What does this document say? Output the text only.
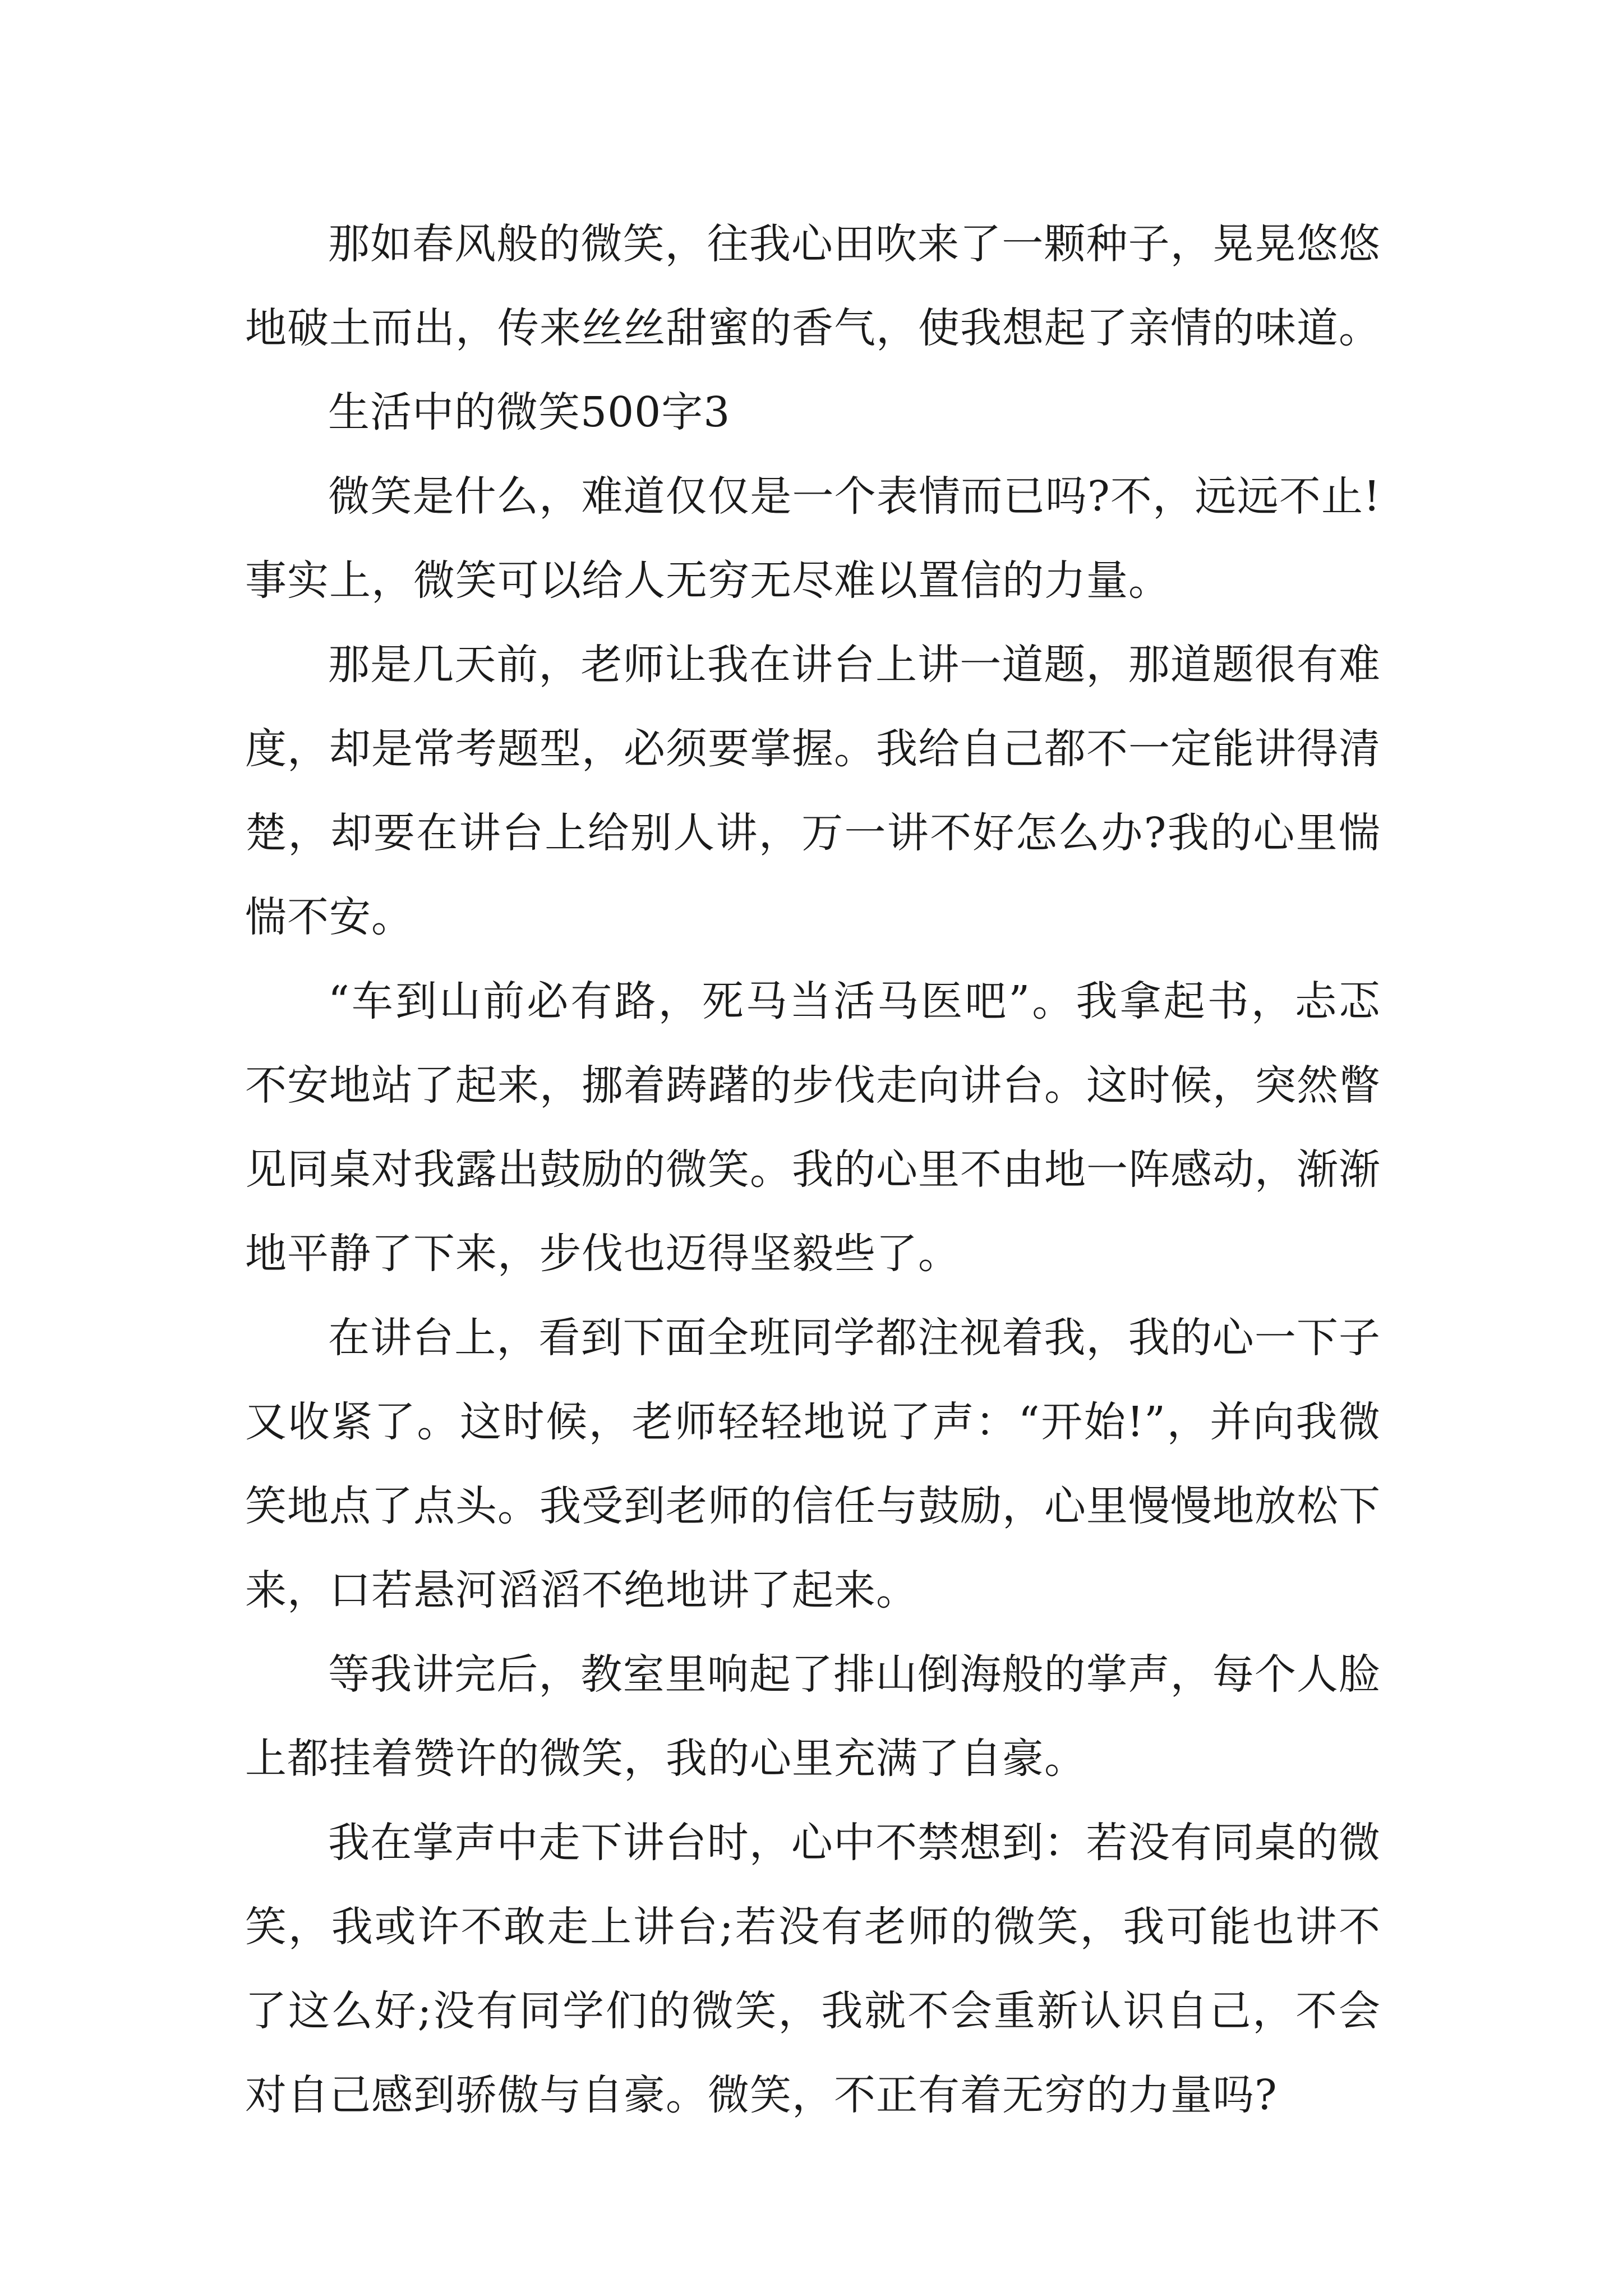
那如春风般的微笑，往我心田吹来了一颗种子，晃晃悠悠地破土而出，传来丝丝甜蜜的香气，使我想起了亲情的味道。

生活中的微笑500字3

微笑是什么，难道仅仅是一个表情而已吗?不，远远不止!事实上，微笑可以给人无穷无尽难以置信的力量。

那是几天前，老师让我在讲台上讲一道题，那道题很有难度，却是常考题型，必须要掌握。我给自己都不一定能讲得清楚，却要在讲台上给别人讲，万一讲不好怎么办?我的心里惴惴不安。

“车到山前必有路，死马当活马医吧”。我拿起书，忐忑不安地站了起来，挪着踌躇的步伐走向讲台。这时候，突然瞥见同桌对我露出鼓励的微笑。我的心里不由地一阵感动，渐渐地平静了下来，步伐也迈得坚毅些了。

在讲台上，看到下面全班同学都注视着我，我的心一下子又收紧了。这时候，老师轻轻地说了声：“开始!”，并向我微笑地点了点头。我受到老师的信任与鼓励，心里慢慢地放松下来，口若悬河滔滔不绝地讲了起来。

等我讲完后，教室里响起了排山倒海般的掌声，每个人脸上都挂着赞许的微笑，我的心里充满了自豪。

我在掌声中走下讲台时，心中不禁想到：若没有同桌的微笑，我或许不敢走上讲台;若没有老师的微笑，我可能也讲不了这么好;没有同学们的微笑，我就不会重新认识自己，不会对自己感到骄傲与自豪。微笑，不正有着无穷的力量吗?
